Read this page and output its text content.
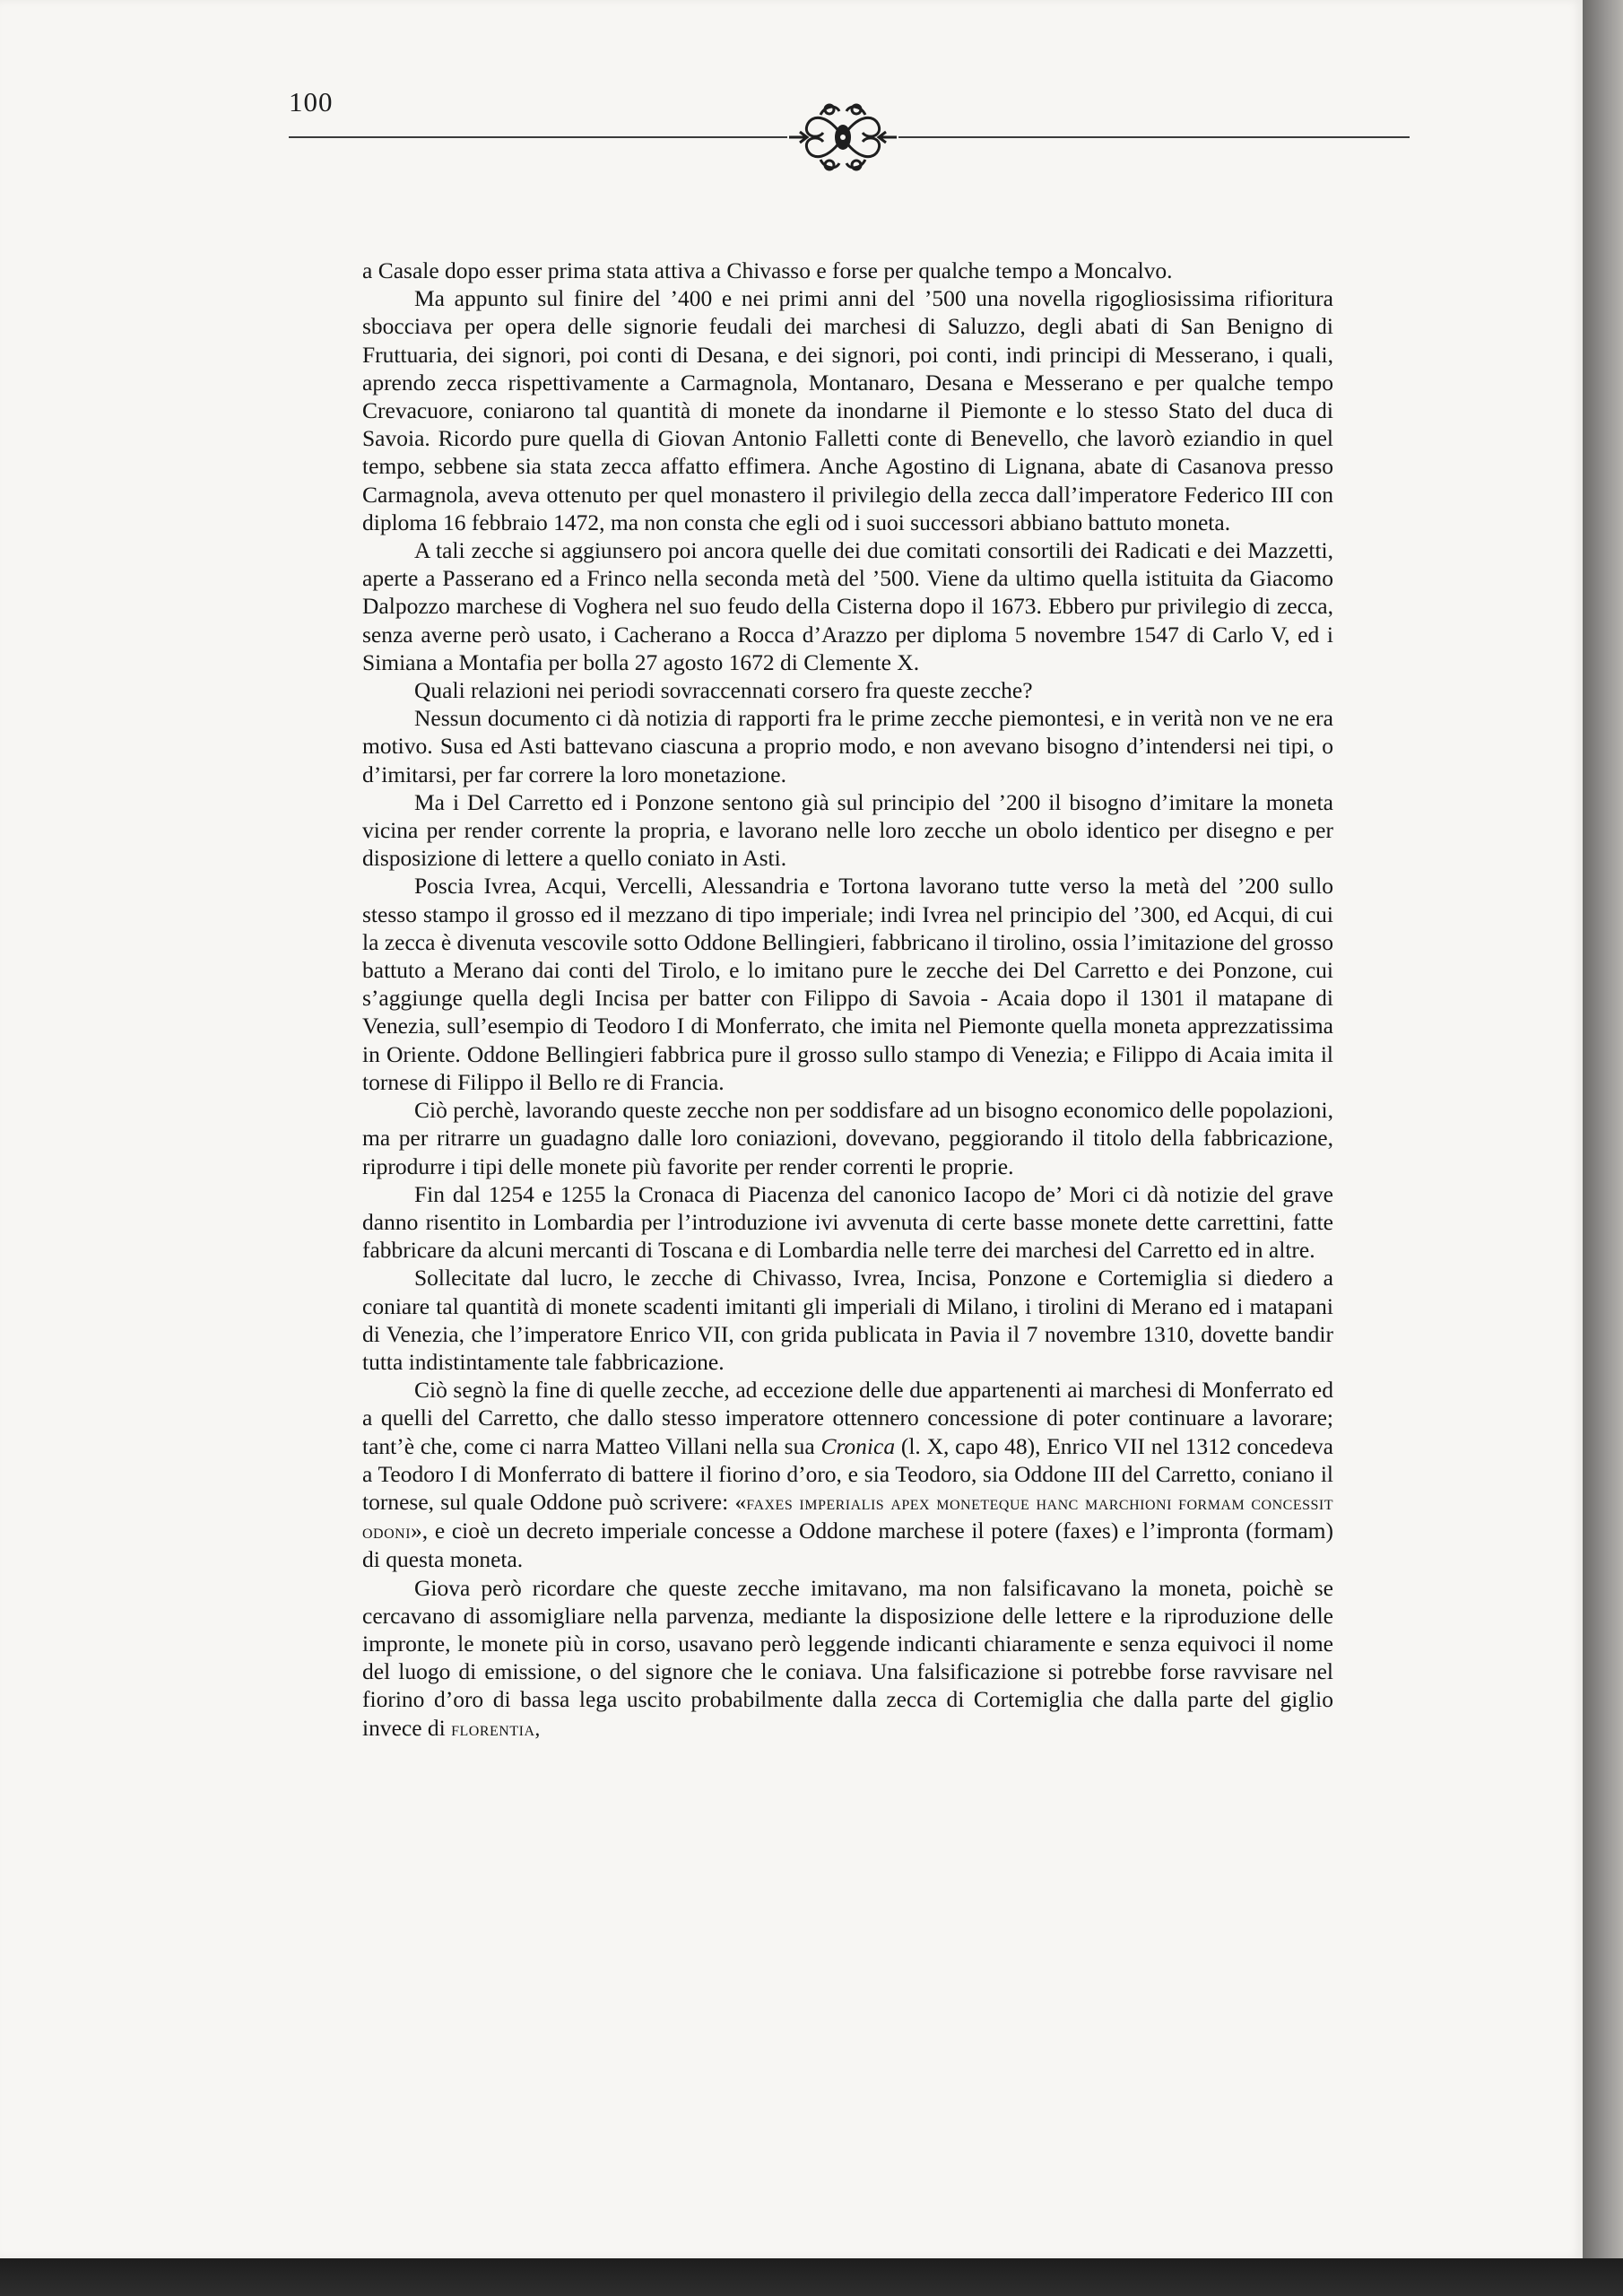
100

a Casale dopo esser prima stata attiva a Chivasso e forse per qualche tempo a Moncalvo.

Ma appunto sul finire del ’400 e nei primi anni del ’500 una novella rigogliosissima rifioritura sbocciava per opera delle signorie feudali dei marchesi di Saluzzo, degli abati di San Benigno di Fruttuaria, dei signori, poi conti di Desana, e dei signori, poi conti, indi principi di Messerano, i quali, aprendo zecca rispettivamente a Carmagnola, Montanaro, Desana e Messerano e per qualche tempo Crevacuore, coniarono tal quantità di monete da inondarne il Piemonte e lo stesso Stato del duca di Savoia. Ricordo pure quella di Giovan Antonio Falletti conte di Benevello, che lavorò eziandio in quel tempo, sebbene sia stata zecca affatto effimera. Anche Agostino di Lignana, abate di Casanova presso Carmagnola, aveva ottenuto per quel monastero il privilegio della zecca dall’imperatore Federico III con diploma 16 febbraio 1472, ma non consta che egli od i suoi successori abbiano battuto moneta.

A tali zecche si aggiunsero poi ancora quelle dei due comitati consortili dei Radicati e dei Mazzetti, aperte a Passerano ed a Frinco nella seconda metà del ’500. Viene da ultimo quella istituita da Giacomo Dalpozzo marchese di Voghera nel suo feudo della Cisterna dopo il 1673. Ebbero pur privilegio di zecca, senza averne però usato, i Cacherano a Rocca d’Arazzo per diploma 5 novembre 1547 di Carlo V, ed i Simiana a Montafia per bolla 27 agosto 1672 di Clemente X.

Quali relazioni nei periodi sovraccennati corsero fra queste zecche?

Nessun documento ci dà notizia di rapporti fra le prime zecche piemontesi, e in verità non ve ne era motivo. Susa ed Asti battevano ciascuna a proprio modo, e non avevano bisogno d’intendersi nei tipi, o d’imitarsi, per far correre la loro monetazione.

Ma i Del Carretto ed i Ponzone sentono già sul principio del ’200 il bisogno d’imitare la moneta vicina per render corrente la propria, e lavorano nelle loro zecche un obolo identico per disegno e per disposizione di lettere a quello coniato in Asti.

Poscia Ivrea, Acqui, Vercelli, Alessandria e Tortona lavorano tutte verso la metà del ’200 sullo stesso stampo il grosso ed il mezzano di tipo imperiale; indi Ivrea nel principio del ’300, ed Acqui, di cui la zecca è divenuta vescovile sotto Oddone Bellingieri, fabbricano il tirolino, ossia l’imitazione del grosso battuto a Merano dai conti del Tirolo, e lo imitano pure le zecche dei Del Carretto e dei Ponzone, cui s’aggiunge quella degli Incisa per batter con Filippo di Savoia - Acaia dopo il 1301 il matapane di Venezia, sull’esempio di Teodoro I di Monferrato, che imita nel Piemonte quella moneta apprezzatissima in Oriente. Oddone Bellingieri fabbrica pure il grosso sullo stampo di Venezia; e Filippo di Acaia imita il tornese di Filippo il Bello re di Francia.

Ciò perchè, lavorando queste zecche non per soddisfare ad un bisogno economico delle popolazioni, ma per ritrarre un guadagno dalle loro coniazioni, dovevano, peggiorando il titolo della fabbricazione, riprodurre i tipi delle monete più favorite per render correnti le proprie.

Fin dal 1254 e 1255 la Cronaca di Piacenza del canonico Iacopo de’ Mori ci dà notizie del grave danno risentito in Lombardia per l’introduzione ivi avvenuta di certe basse monete dette carrettini, fatte fabbricare da alcuni mercanti di Toscana e di Lombardia nelle terre dei marchesi del Carretto ed in altre.

Sollecitate dal lucro, le zecche di Chivasso, Ivrea, Incisa, Ponzone e Cortemiglia si diedero a coniare tal quantità di monete scadenti imitanti gli imperiali di Milano, i tirolini di Merano ed i matapani di Venezia, che l’imperatore Enrico VII, con grida publicata in Pavia il 7 novembre 1310, dovette bandir tutta indistintamente tale fabbricazione.

Ciò segnò la fine di quelle zecche, ad eccezione delle due appartenenti ai marchesi di Monferrato ed a quelli del Carretto, che dallo stesso imperatore ottennero concessione di poter continuare a lavorare; tant’è che, come ci narra Matteo Villani nella sua Cronica (l. X, capo 48), Enrico VII nel 1312 concedeva a Teodoro I di Monferrato di battere il fiorino d’oro, e sia Teodoro, sia Oddone III del Carretto, coniano il tornese, sul quale Oddone può scrivere: «faxes imperialis apex moneteque hanc marchioni formam concessit odoni», e cioè un decreto imperiale concesse a Oddone marchese il potere (faxes) e l’impronta (formam) di questa moneta.

Giova però ricordare che queste zecche imitavano, ma non falsificavano la moneta, poichè se cercavano di assomigliare nella parvenza, mediante la disposizione delle lettere e la riproduzione delle impronte, le monete più in corso, usavano però leggende indicanti chiaramente e senza equivoci il nome del luogo di emissione, o del signore che le coniava. Una falsificazione si potrebbe forse ravvisare nel fiorino d’oro di bassa lega uscito probabilmente dalla zecca di Cortemiglia che dalla parte del giglio invece di florentia,
